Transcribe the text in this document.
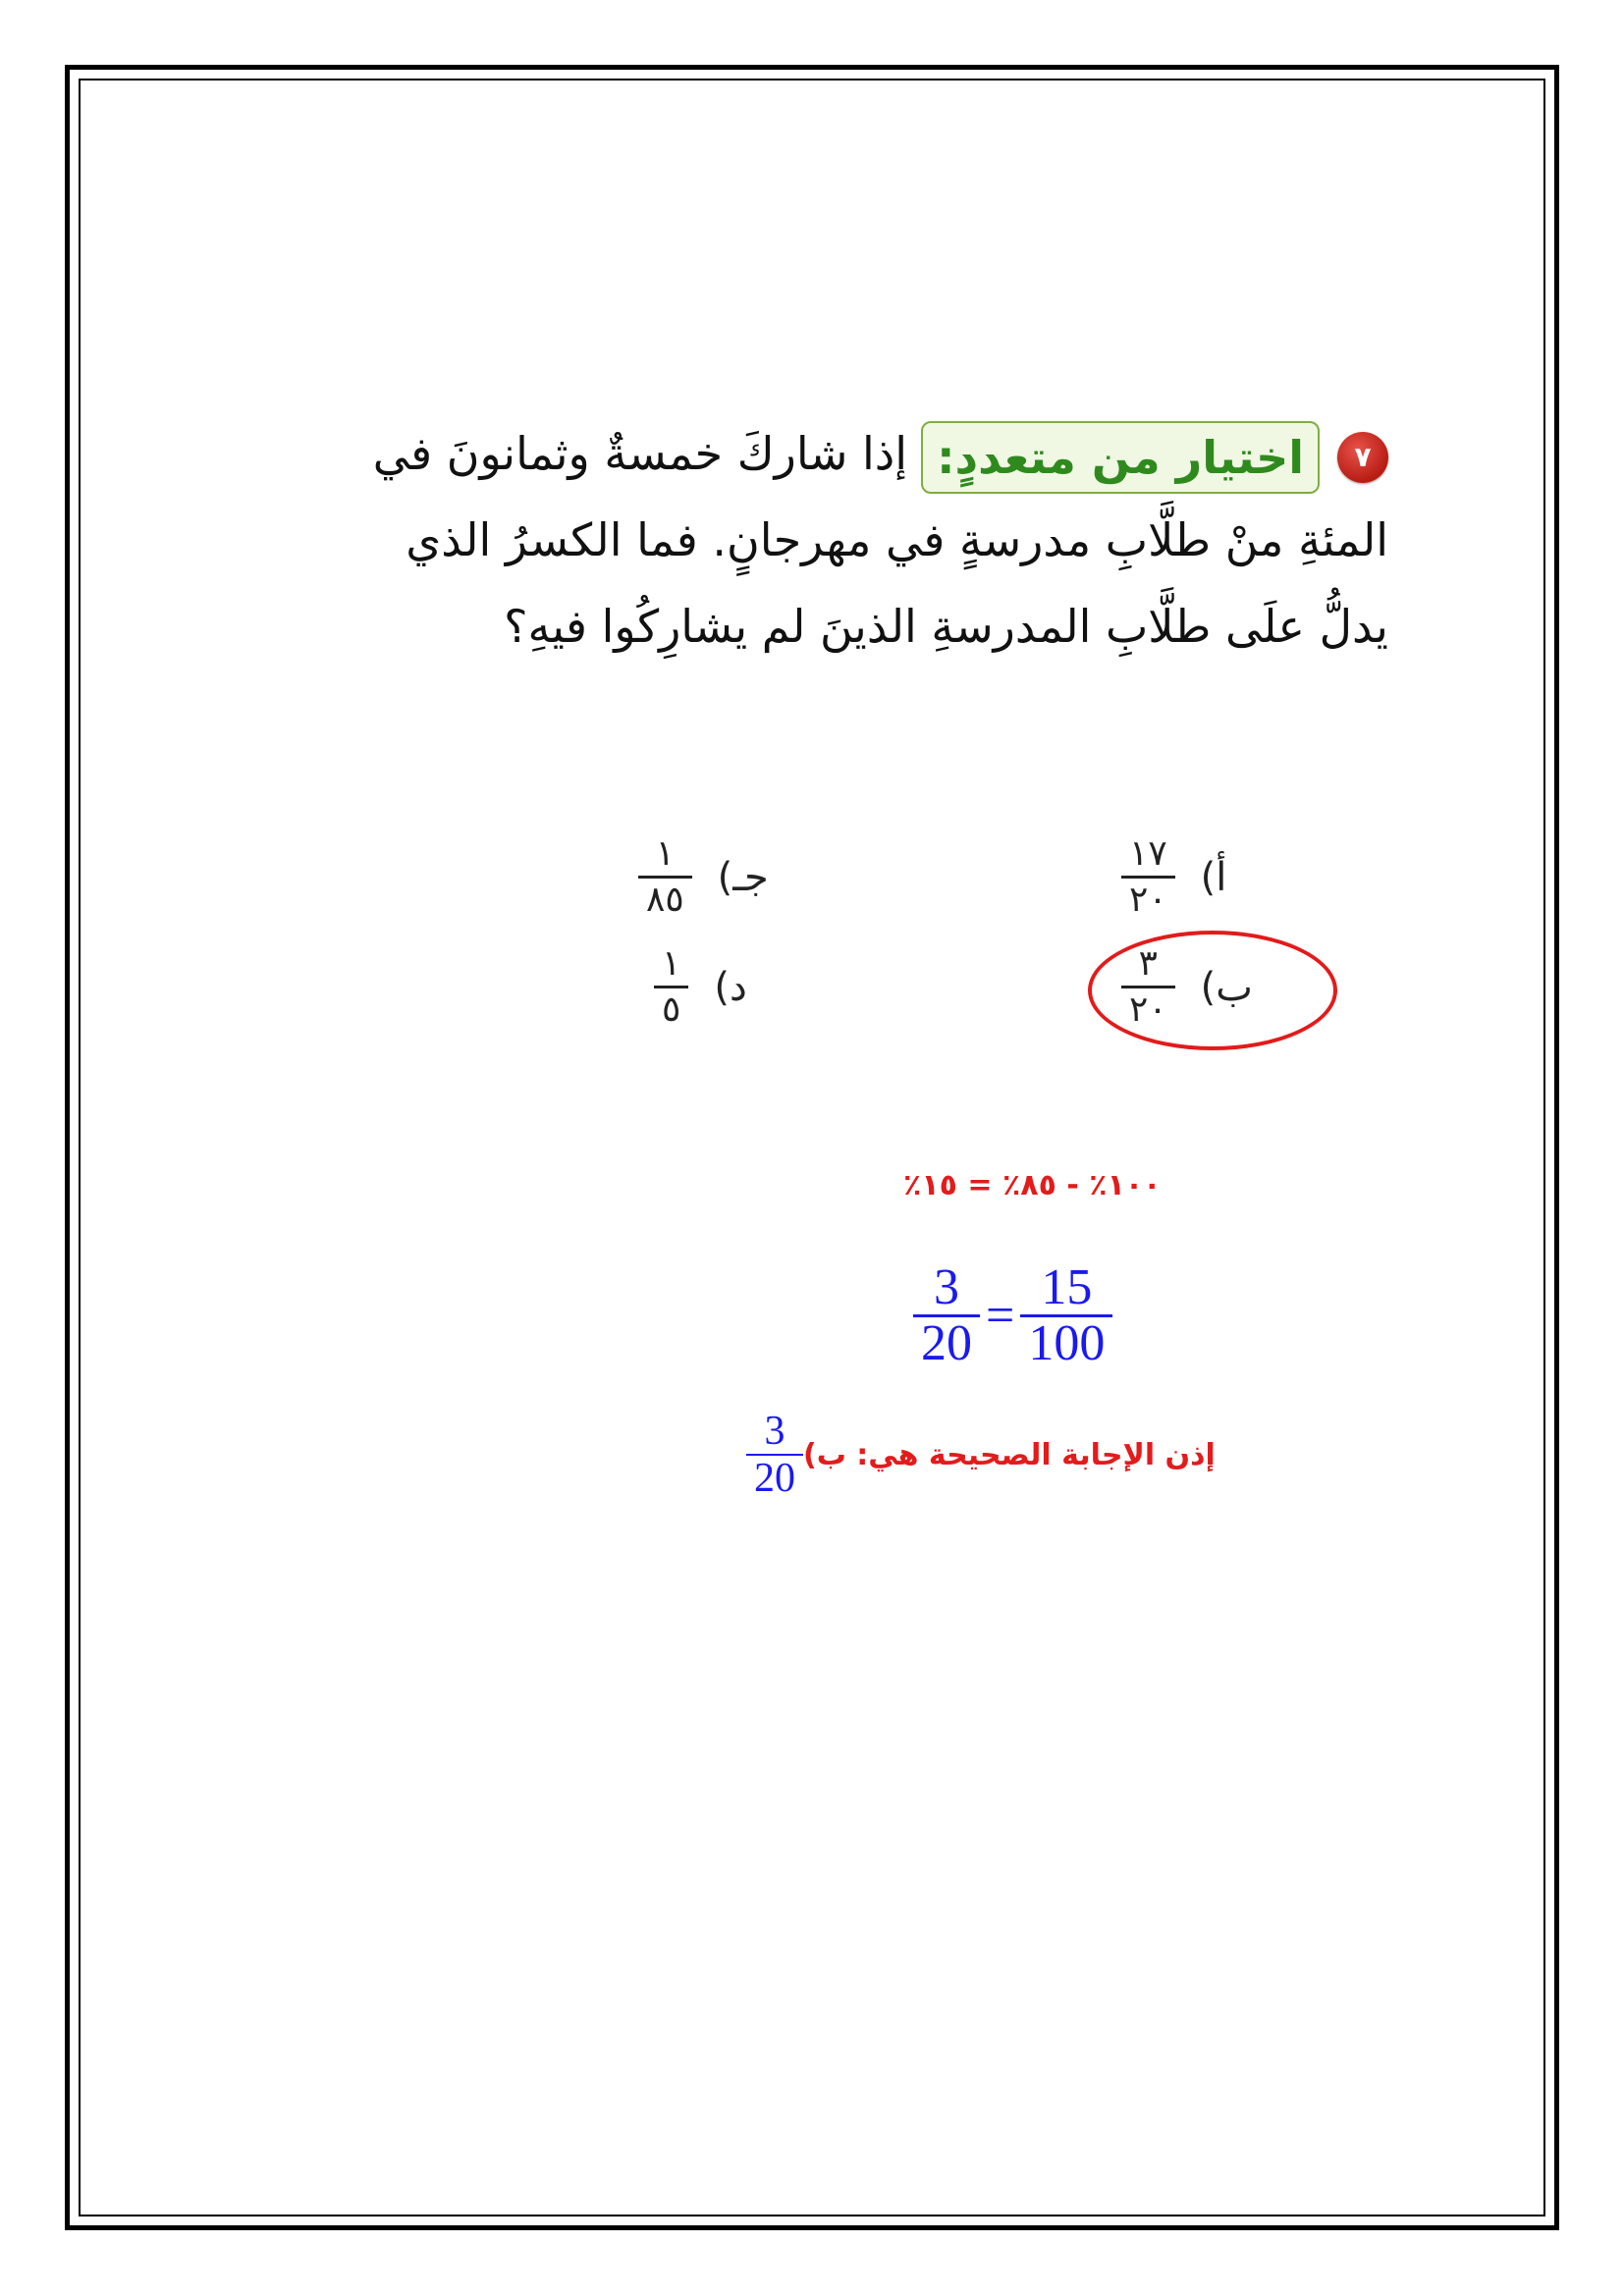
٧اختيار من متعددٍ:إذا شاركَ خمسةٌ وثمانونَ في
المئةِ منْ طلَّابِ مدرسةٍ في مهرجانٍ. فما الكسرُ الذي
يدلُّ علَى طلَّابِ المدرسةِ الذينَ لم يشارِكُوا فيهِ؟
أ)
$\frac{١٧}{٢٠}$
ب)
$\frac{٣}{٢٠}$
جـ)
$\frac{١}{٨٥}$
د)
$\frac{١}{٥}$
١٠٠٪ - ٨٥٪ = ١٥٪
$\frac{3}{20} = \frac{15}{100}$
إذن الإجابة الصحيحة هي: ب)
$\frac{3}{20}$
